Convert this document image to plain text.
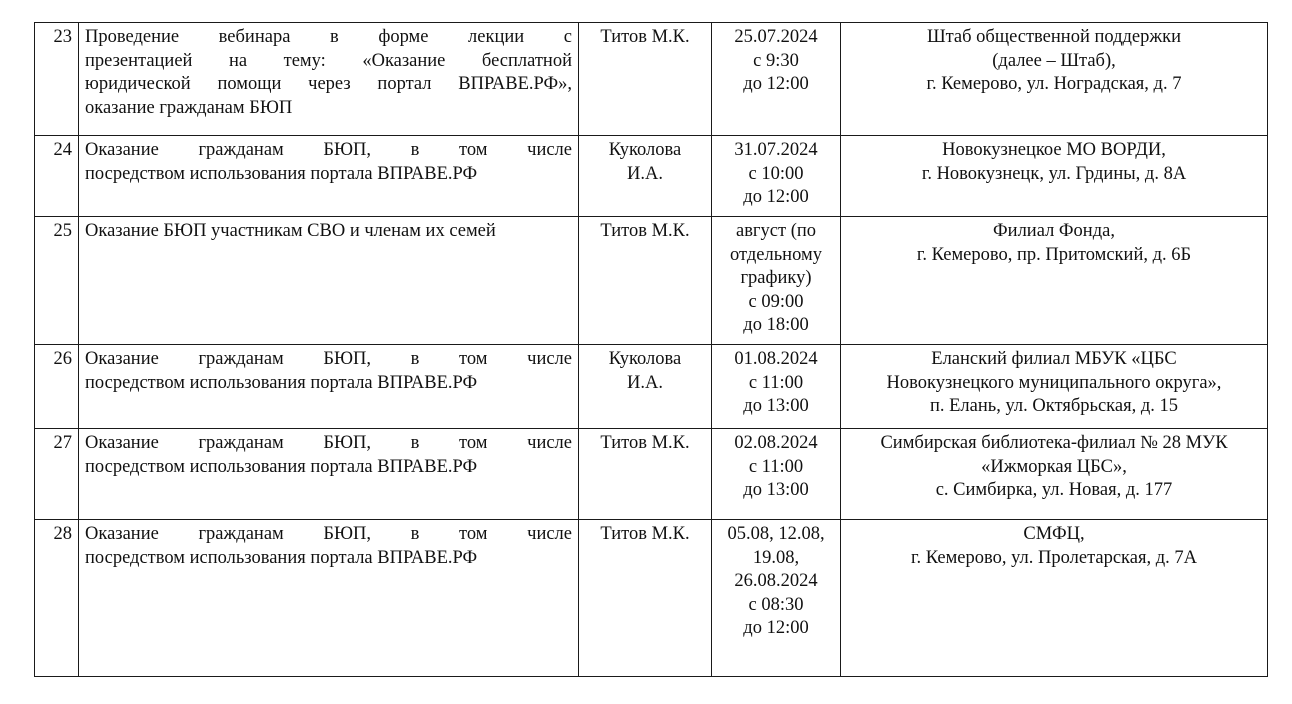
23	Проведение вебинара в форме лекции с
презентацией на тему: «Оказание бесплатной
юридической помощи через портал ВПРАВЕ.РФ»,
оказание гражданам БЮП	Титов М.К.	25.07.2024
с 9:30
до 12:00	Штаб общественной поддержки
(далее – Штаб),
г. Кемерово, ул. Ноградская, д. 7

24	Оказание гражданам БЮП, в том числе
посредством использования портала ВПРАВЕ.РФ	Куколова
И.А.	31.07.2024
с 10:00
до 12:00	Новокузнецкое МО ВОРДИ,
г. Новокузнецк, ул. Грдины, д. 8А

25	Оказание БЮП участникам СВО и членам их семей	Титов М.К.	август (по
отдельному
графику)
с 09:00
до 18:00	Филиал Фонда,
г. Кемерово, пр. Притомский, д. 6Б

26	Оказание гражданам БЮП, в том числе
посредством использования портала ВПРАВЕ.РФ	Куколова
И.А.	01.08.2024
с 11:00
до 13:00	Еланский филиал МБУК «ЦБС
Новокузнецкого муниципального округа»,
п. Елань, ул. Октябрьская, д. 15

27	Оказание гражданам БЮП, в том числе
посредством использования портала ВПРАВЕ.РФ	Титов М.К.	02.08.2024
с 11:00
до 13:00	Симбирская библиотека-филиал № 28 МУК
«Ижморкая ЦБС»,
с. Симбирка, ул. Новая, д. 177

28	Оказание гражданам БЮП, в том числе
посредством использования портала ВПРАВЕ.РФ	Титов М.К.	05.08, 12.08,
19.08,
26.08.2024
с 08:30
до 12:00	СМФЦ,
г. Кемерово, ул. Пролетарская, д. 7А
